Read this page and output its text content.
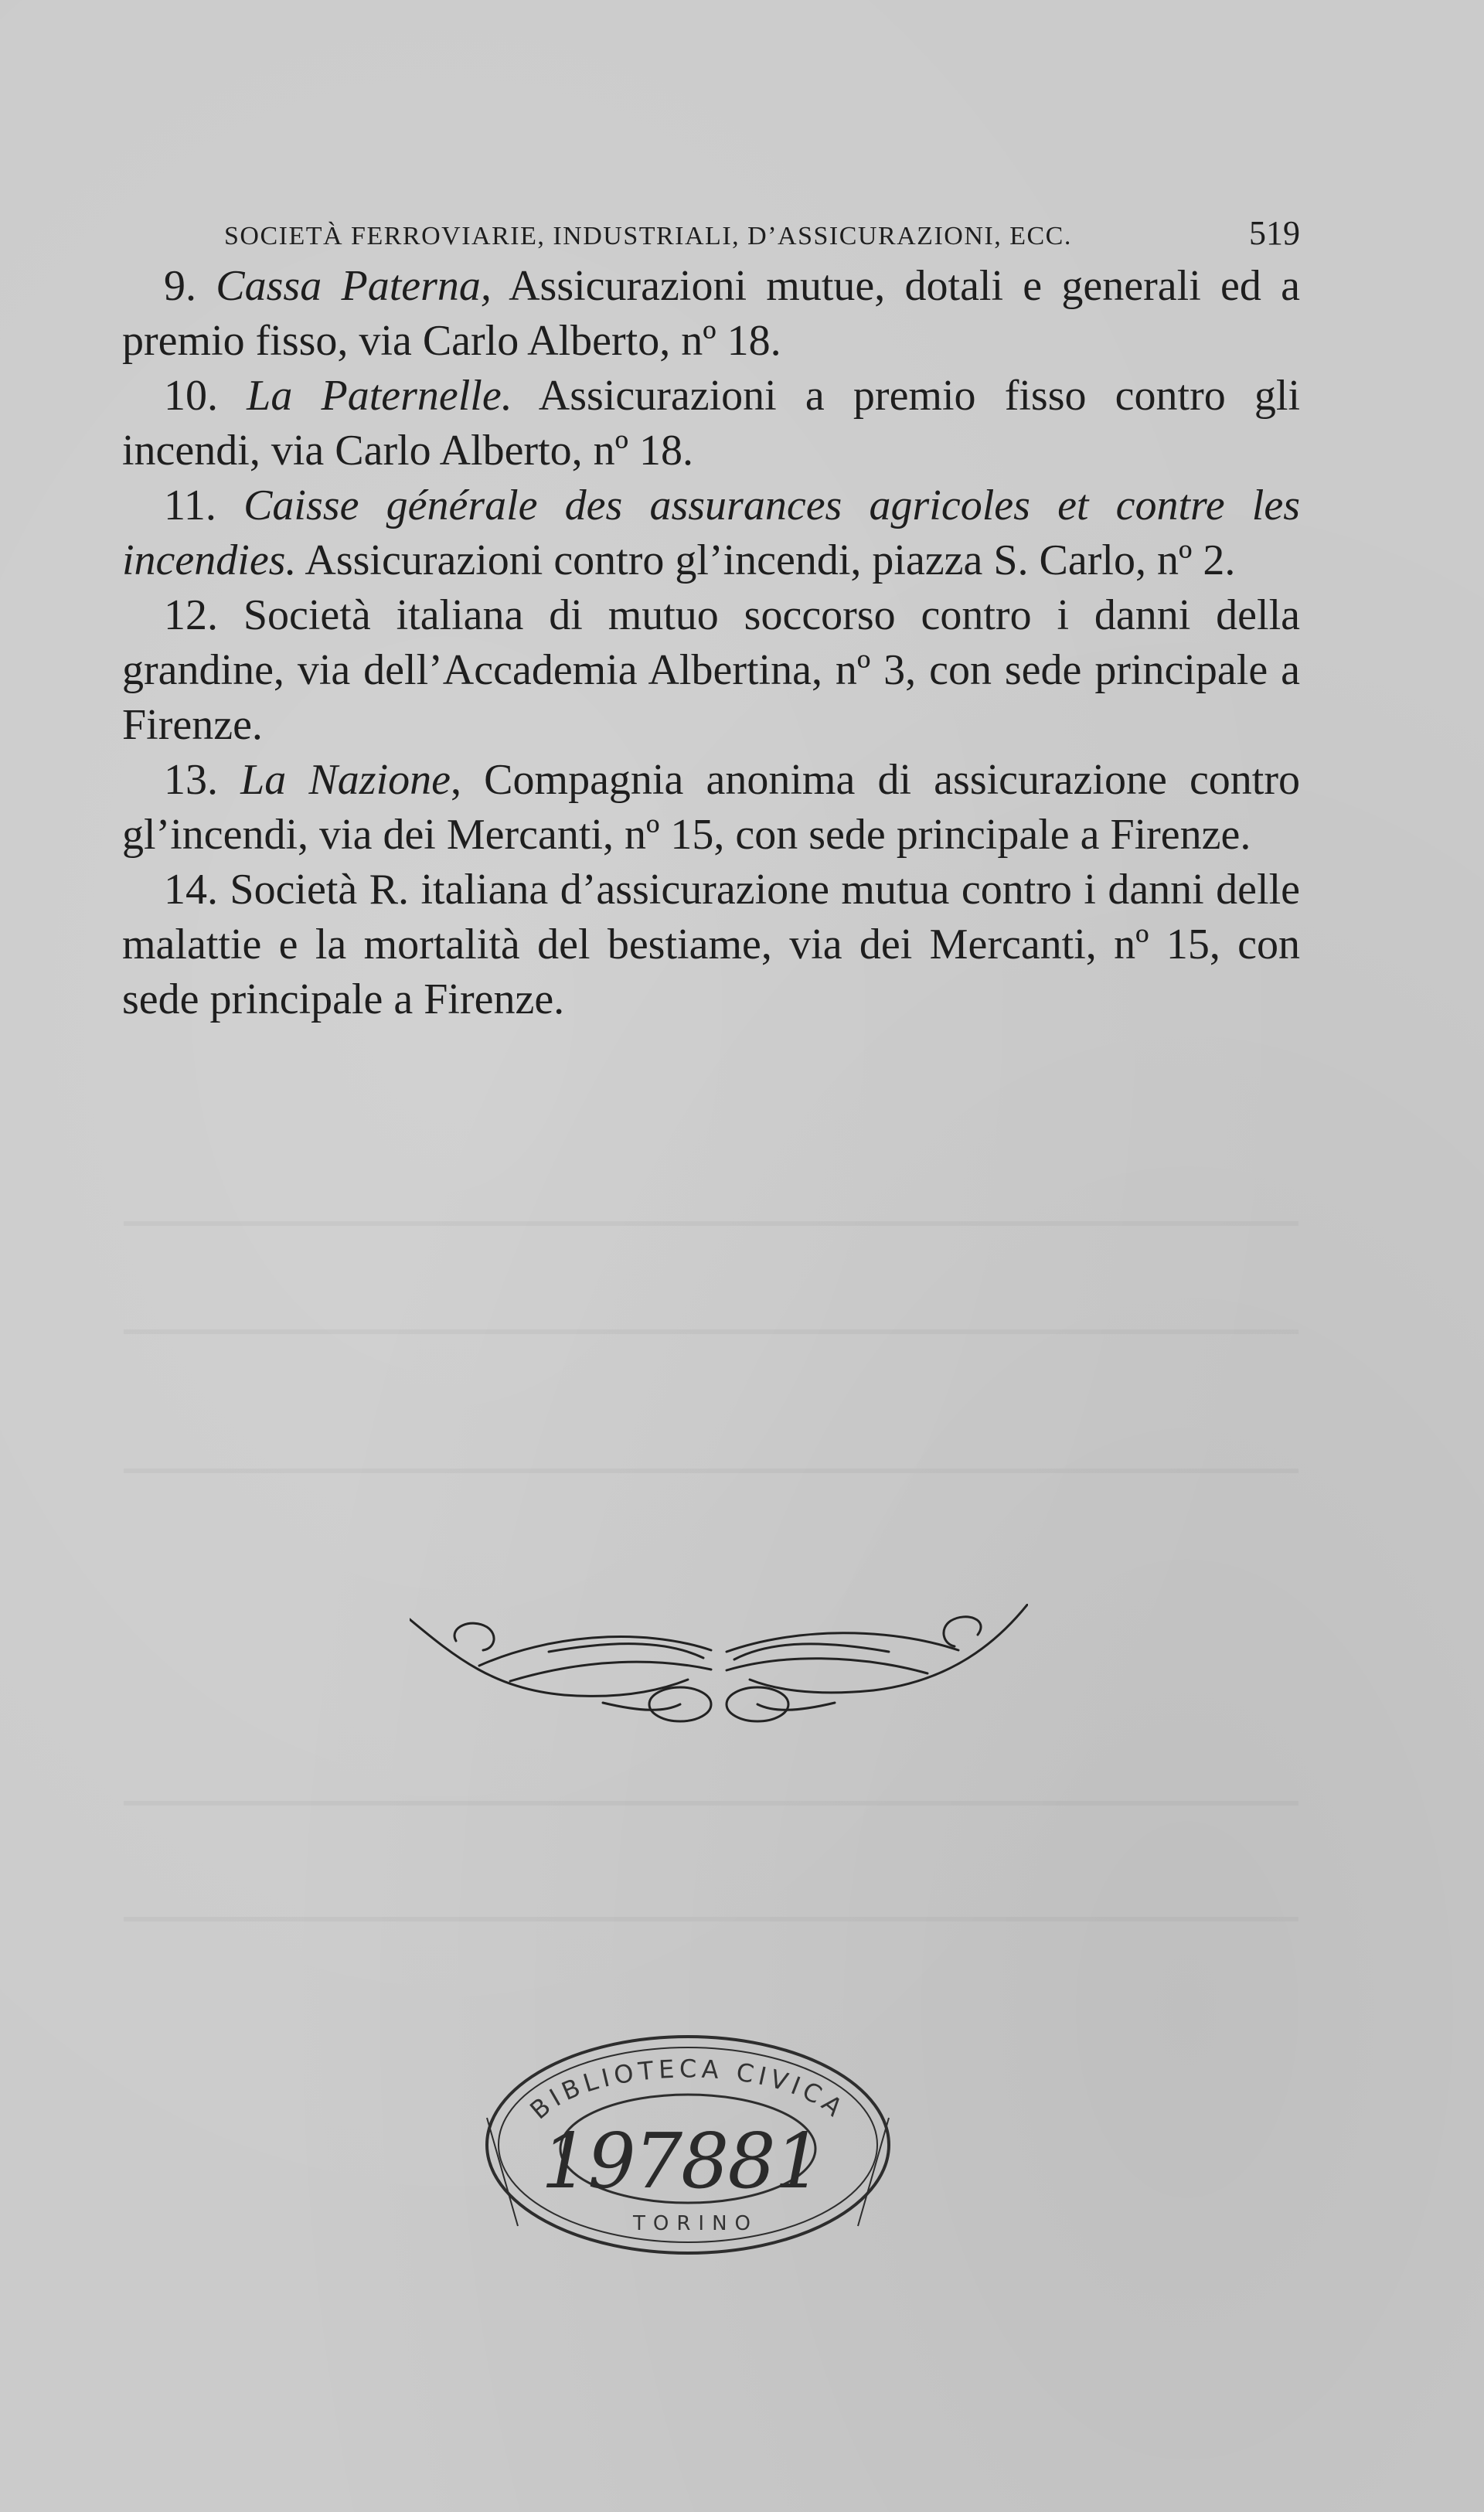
SOCIETÀ FERROVIARIE, INDUSTRIALI, D’ASSICURAZIONI, ECC.	519

9. Cassa Paterna, Assicurazioni mutue, dotali e generali ed a premio fisso, via Carlo Alberto, nº 18.

10. La Paternelle. Assicurazioni a premio fisso contro gli incendi, via Carlo Alberto, nº 18.

11. Caisse générale des assurances agricoles et contre les incendies. Assicurazioni contro gl’incendi, piazza S. Carlo, nº 2.

12. Società italiana di mutuo soccorso contro i danni della grandine, via dell’Accademia Albertina, nº 3, con sede principale a Firenze.

13. La Nazione, Compagnia anonima di assicurazione contro gl’incendi, via dei Mercanti, nº 15, con sede principale a Firenze.

14. Società R. italiana d’assicurazione mutua contro i danni delle malattie e la mortalità del bestiame, via dei Mercanti, nº 15, con sede principale a Firenze.

BIBLIOTECA CIVICA
197881
TORINO
